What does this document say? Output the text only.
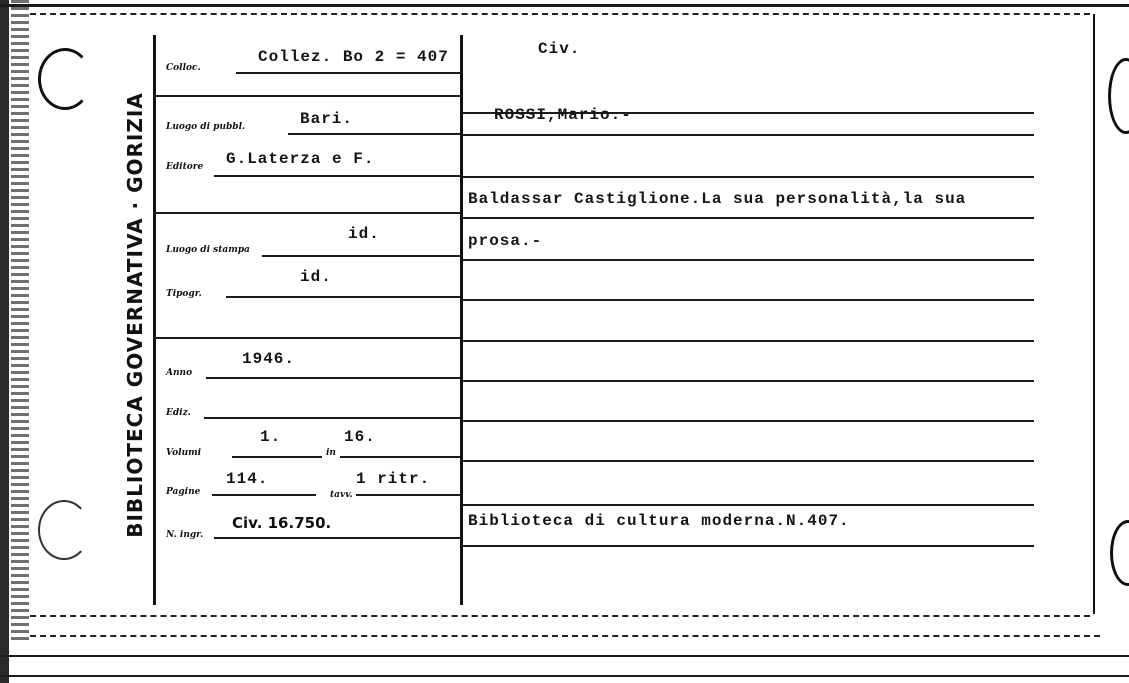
BIBLIOTECA GOVERNATIVA · GORIZIA
Colloc.
Collez. Bo 2 = 407
Luogo di pubbl.	Bari.
Editore G.Laterza e F.
Luogo di stampa
id.
Tipogr.
id.
Anno
1946.
Ediz.
Volumi
1.
in
16.
Pagine
114.
tavv.
1 ritr.
N. ingr.
Civ. 16.750.
Civ.
ROSSI,Mario.-
Baldassar Castiglione.La sua personalità,la sua
prosa.-
Biblioteca di cultura moderna.N.407.
